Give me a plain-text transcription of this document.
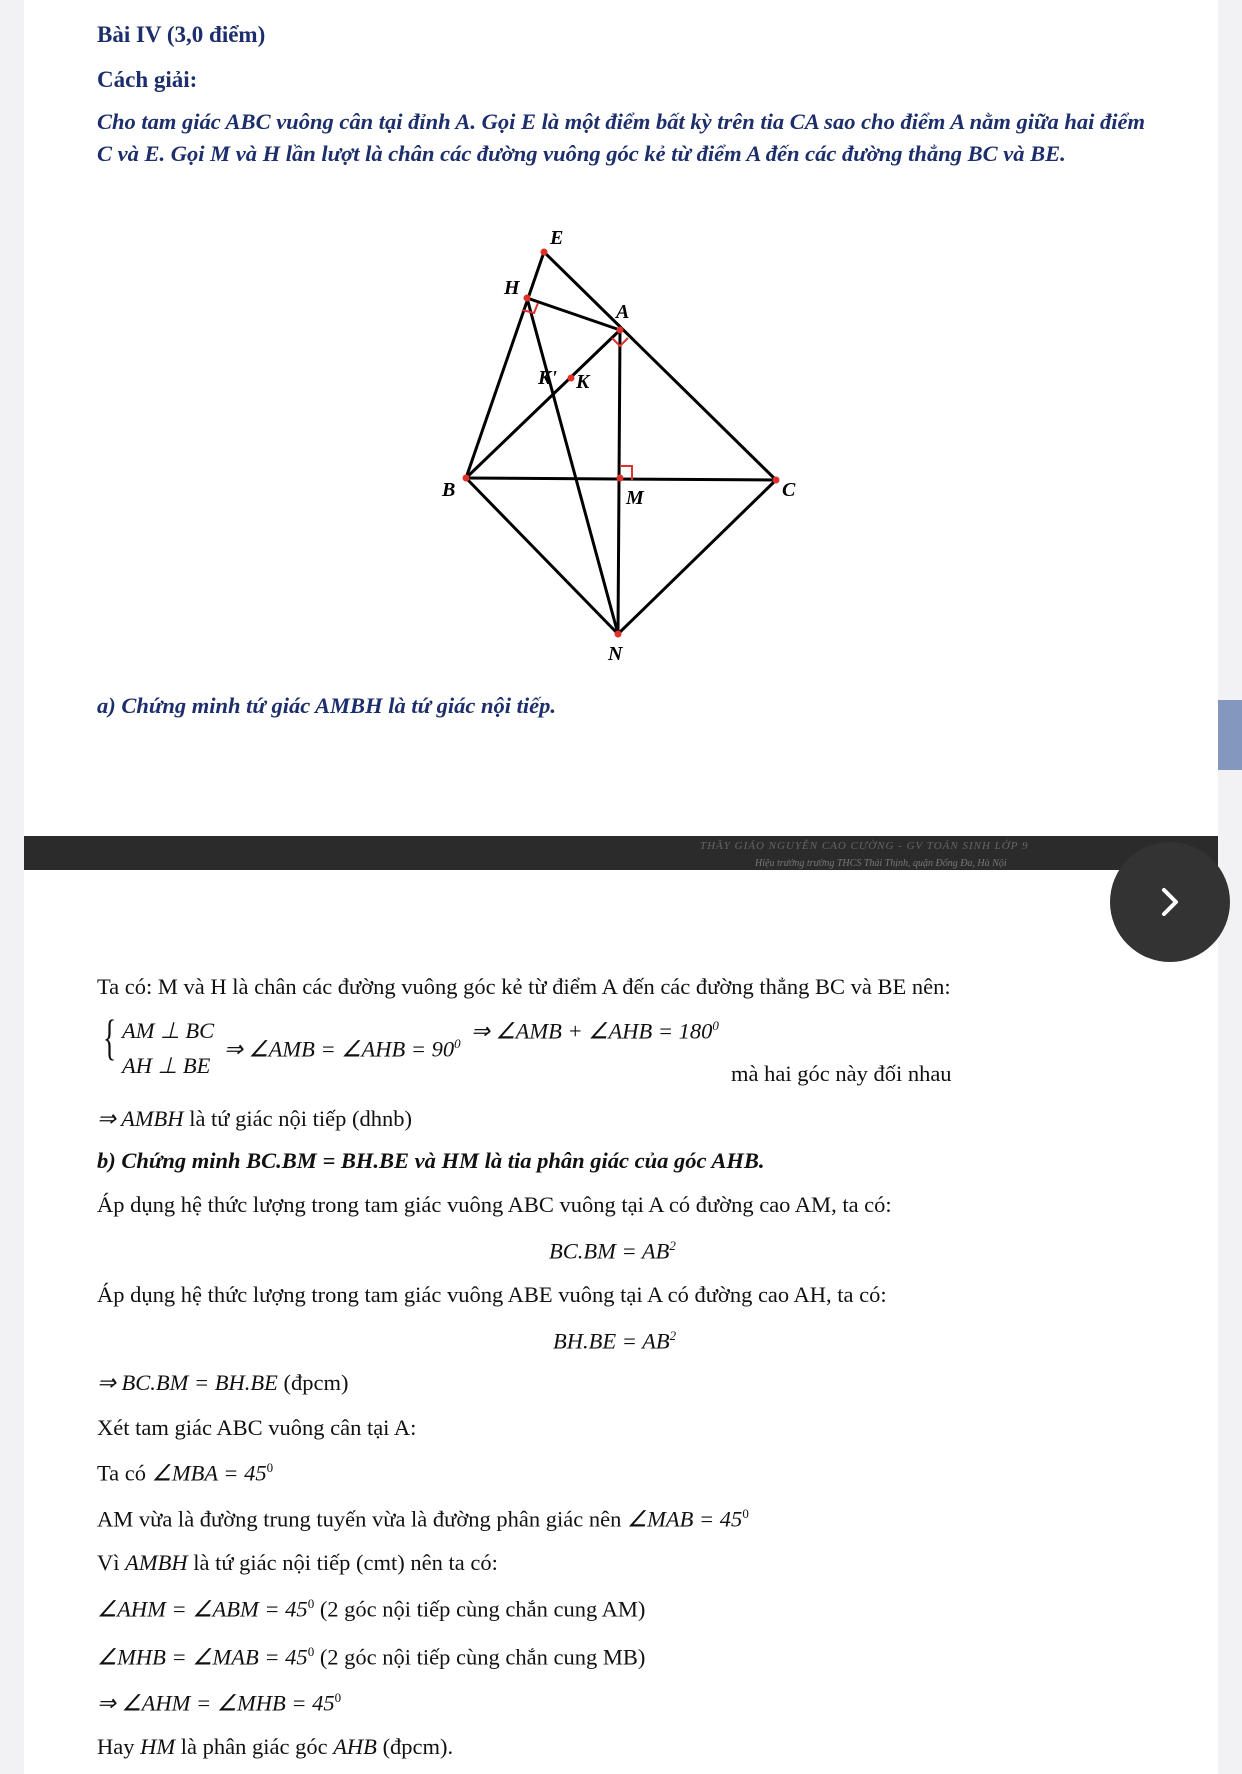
Bài IV (3,0 điểm)
Cách giải:
Cho tam giác ABC vuông cân tại đỉnh A. Gọi E là một điểm bất kỳ trên tia CA sao cho điểm A nằm giữa hai điểm C và E. Gọi M và H lần lượt là chân các đường vuông góc kẻ từ điểm A đến các đường thẳng BC và BE.
E
H
A
K' K
B	M	C
N
a) Chứng minh tứ giác AMBH là tứ giác nội tiếp.
THẦY GIÁO NGUYỄN CAO CƯỜNG - GV TOÁN SINH LỚP 9
Hiệu trưởng trường THCS Thái Thịnh, quận Đống Đa, Hà Nội
Ta có: M và H là chân các đường vuông góc kẻ từ điểm A đến các đường thẳng BC và BE nên:
{ AM ⊥ BC
AH ⊥ BE
⇒ ∠AMB = ∠AHB = $90^0$ ⇒ ∠AMB + ∠AHB = $180^0$
mà hai góc này đối nhau
⇒ AMBH là tứ giác nội tiếp (dhnb)
b) Chứng minh BC.BM = BH.BE và HM là tia phân giác của góc AHB.
Áp dụng hệ thức lượng trong tam giác vuông ABC vuông tại A có đường cao AM, ta có:
$BC.BM = AB^2$
Áp dụng hệ thức lượng trong tam giác vuông ABE vuông tại A có đường cao AH, ta có:
$BH.BE = AB^2$
⇒ BC.BM = BH.BE (đpcm)
Xét tam giác ABC vuông cân tại A:
Ta có ∠MBA = $45^0$
AM vừa là đường trung tuyến vừa là đường phân giác nên ∠MAB = $45^0$
Vì AMBH là tứ giác nội tiếp (cmt) nên ta có:
∠AHM = ∠ABM = $45^0$ (2 góc nội tiếp cùng chắn cung AM)
∠MHB = ∠MAB = $45^0$ (2 góc nội tiếp cùng chắn cung MB)
⇒ ∠AHM = ∠MHB = $45^0$
Hay HM là phân giác góc AHB (đpcm).
